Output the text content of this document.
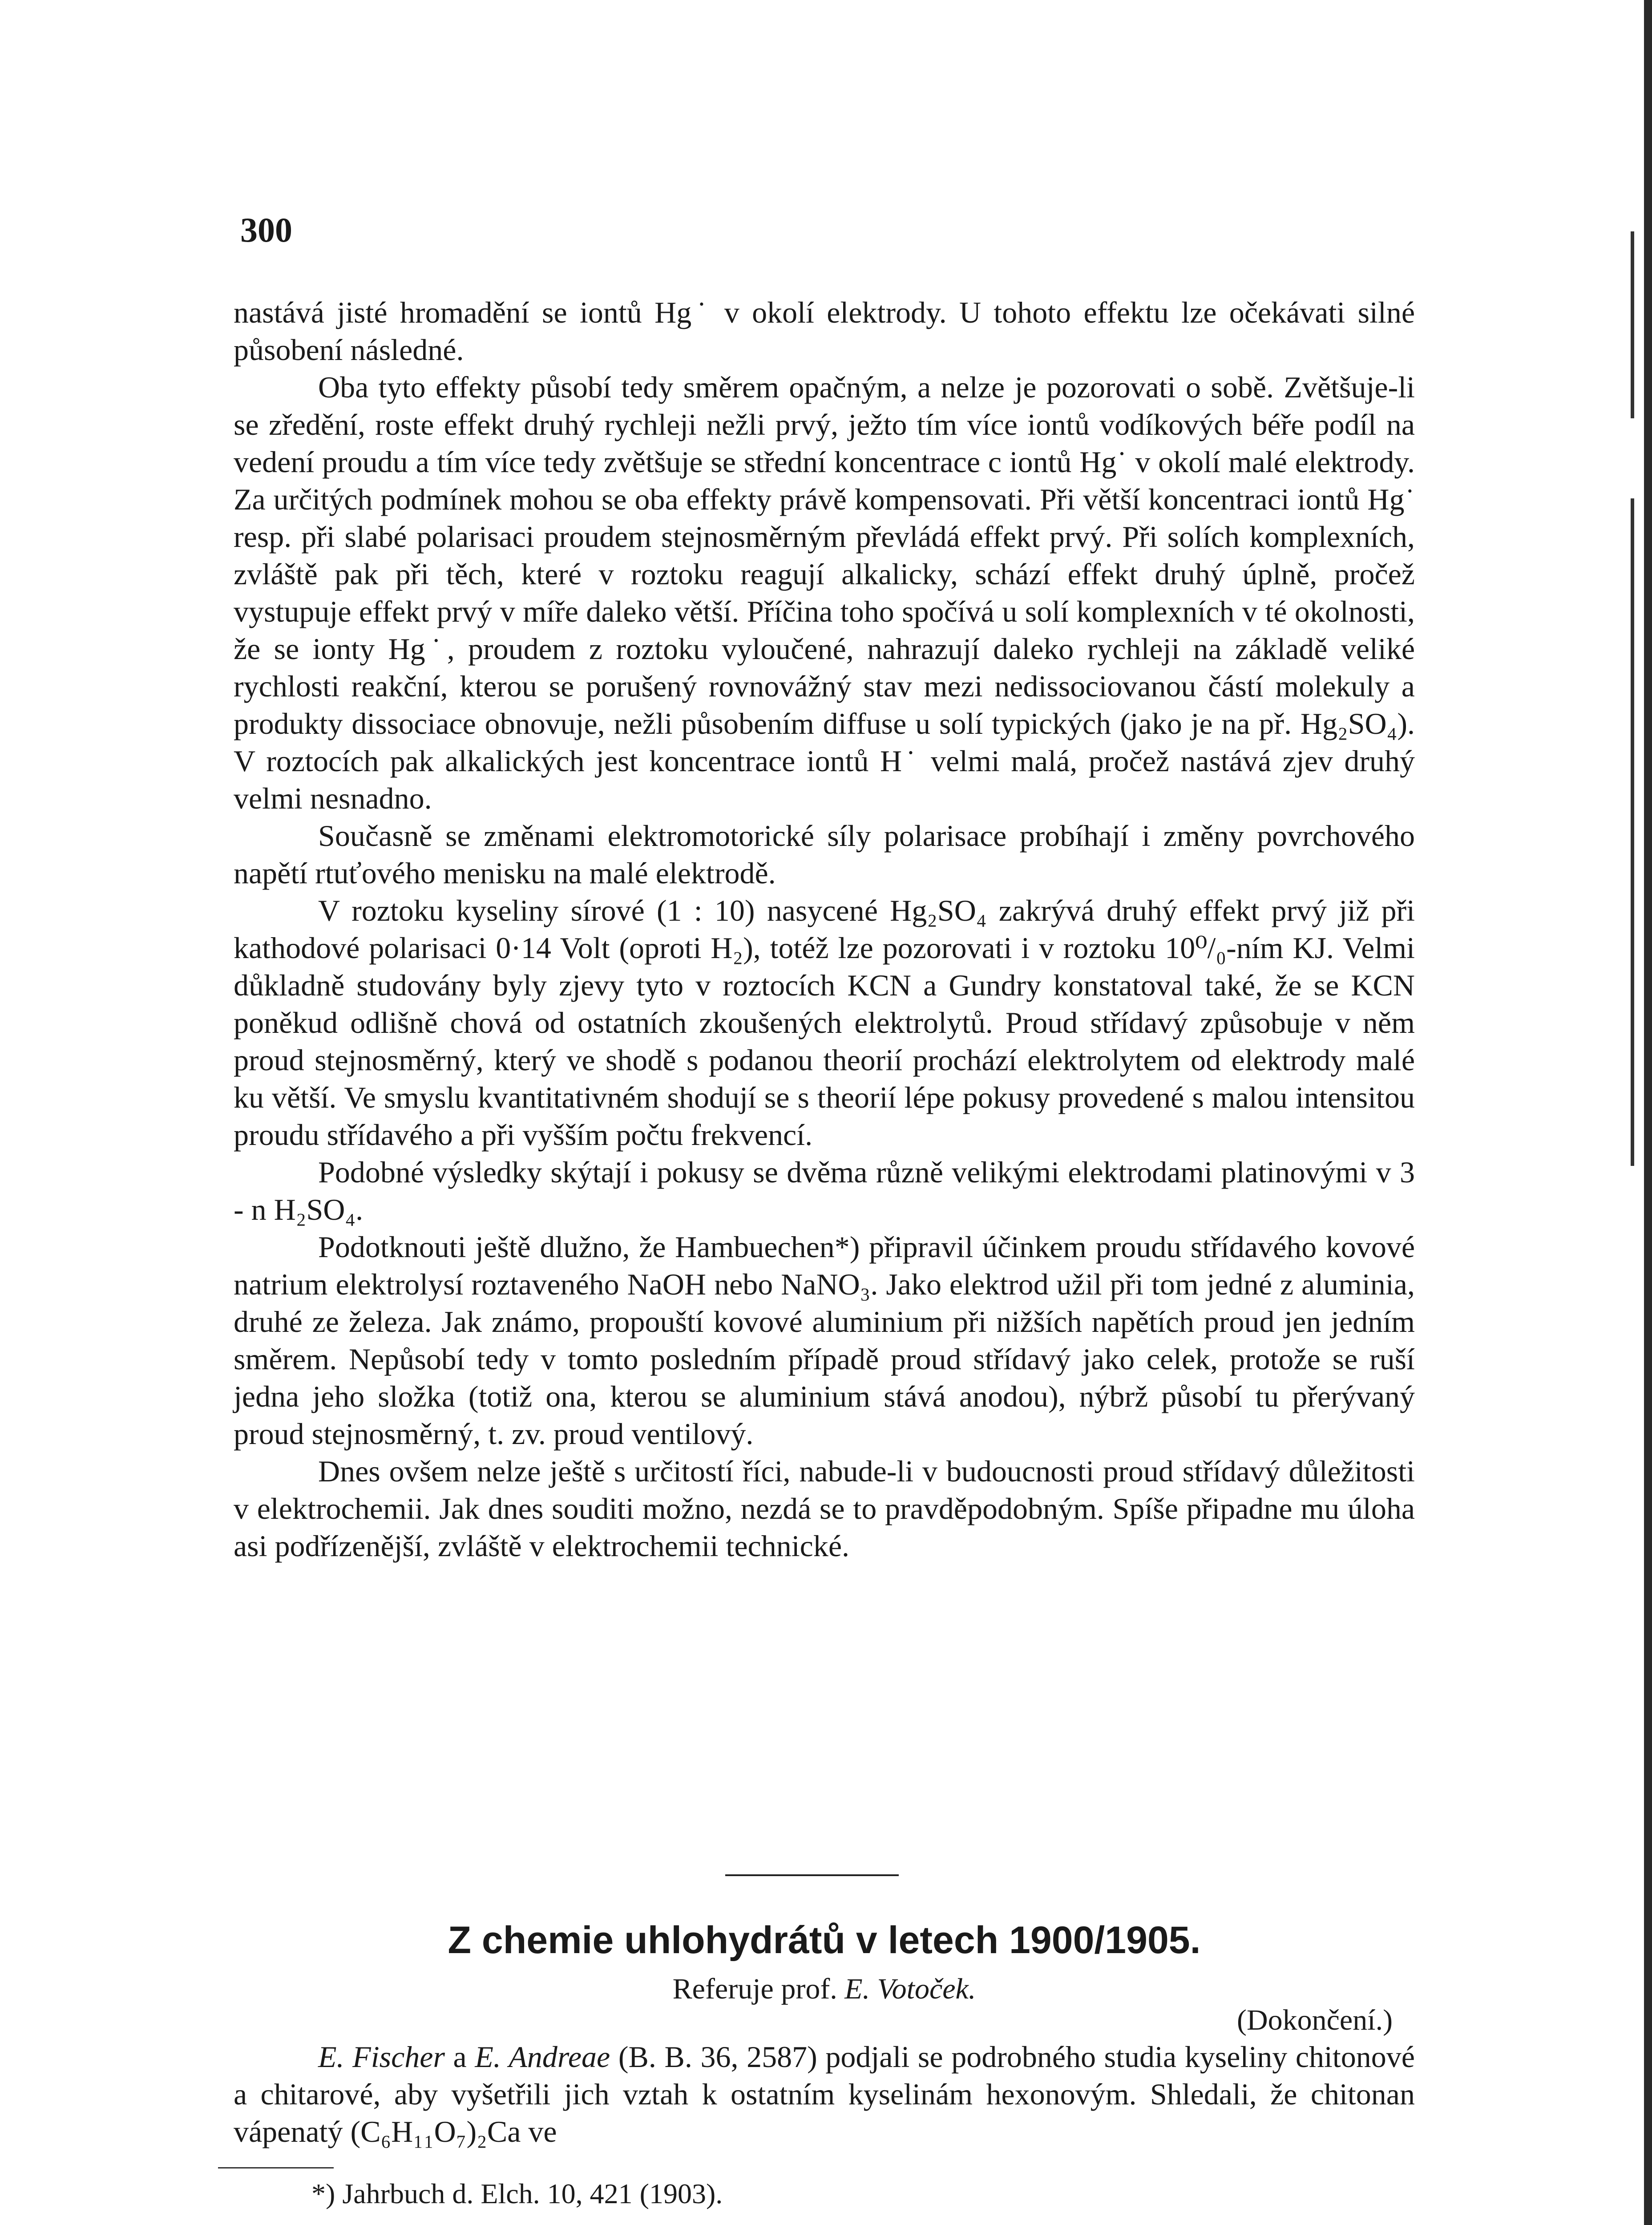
300

nastává jisté hromadění se iontů Hg˙ v okolí elektrody. U tohoto effektu lze očekávati silné působení následné.

Oba tyto effekty působí tedy směrem opačným, a nelze je pozorovati o sobě. Zvětšuje-li se zředění, roste effekt druhý rychleji nežli prvý, ježto tím více iontů vodíkových béře podíl na vedení proudu a tím více tedy zvětšuje se střední koncentrace c iontů Hg˙ v okolí malé elektrody. Za určitých podmínek mohou se oba effekty právě kompensovati. Při větší koncentraci iontů Hg˙ resp. při slabé polarisaci proudem stejnosměrným převládá effekt prvý. Při solích komplexních, zvláště pak při těch, které v roztoku reagují alkalicky, schází effekt druhý úplně, pročež vystupuje effekt prvý v míře daleko větší. Příčina toho spočívá u solí komplexních v té okolnosti, že se ionty Hg˙, proudem z roztoku vyloučené, nahrazují daleko rychleji na základě veliké rychlosti reakční, kterou se porušený rovnovážný stav mezi nedissociovanou částí molekuly a produkty dissociace obnovuje, nežli působením diffuse u solí typických (jako je na př. Hg₂SO₄). V roztocích pak alkalických jest koncentrace iontů H˙ velmi malá, pročež nastává zjev druhý velmi nesnadno.

Současně se změnami elektromotorické síly polarisace probíhají i změny povrchového napětí rtuťového menisku na malé elektrodě.

V roztoku kyseliny sírové (1 : 10) nasycené Hg₂SO₄ zakrývá druhý effekt prvý již při kathodové polarisaci 0·14 Volt (oproti H₂), totéž lze pozorovati i v roztoku 10⁰/₀-ním KJ. Velmi důkladně studovány byly zjevy tyto v roztocích KCN a Gundry konstatoval také, že se KCN poněkud odlišně chová od ostatních zkoušených elektrolytů. Proud střídavý způsobuje v něm proud stejnosměrný, který ve shodě s podanou theorií prochází elektrolytem od elektrody malé ku větší. Ve smyslu kvantitativném shodují se s theorií lépe pokusy provedené s malou intensitou proudu střídavého a při vyšším počtu frekvencí.

Podobné výsledky skýtají i pokusy se dvěma různě velikými elektrodami platinovými v 3 - n H₂SO₄.

Podotknouti ještě dlužno, že Hambuechen*) připravil účinkem proudu střídavého kovové natrium elektrolysí roztaveného NaOH nebo NaNO₃. Jako elektrod užil při tom jedné z aluminia, druhé ze železa. Jak známo, propouští kovové aluminium při nižších napětích proud jen jedním směrem. Nepůsobí tedy v tomto posledním případě proud střídavý jako celek, protože se ruší jedna jeho složka (totiž ona, kterou se aluminium stává anodou), nýbrž působí tu přerývaný proud stejnosměrný, t. zv. proud ventilový.

Dnes ovšem nelze ještě s určitostí říci, nabude-li v budoucnosti proud střídavý důležitosti v elektrochemii. Jak dnes souditi možno, nezdá se to pravděpodobným. Spíše připadne mu úloha asi podřízenější, zvláště v elektrochemii technické.

Z chemie uhlohydrátů v letech 1900/1905.
Referuje prof. E. Votoček.
(Dokončení.)

E. Fischer a E. Andreae (B. B. 36, 2587) podjali se podrobného studia kyseliny chitonové a chitarové, aby vyšetřili jich vztah k ostatním kyselinám hexonovým. Shledali, že chitonan vápenatý (C₆H₁₁O₇)₂Ca ve

*) Jahrbuch d. Elch. 10, 421 (1903).
